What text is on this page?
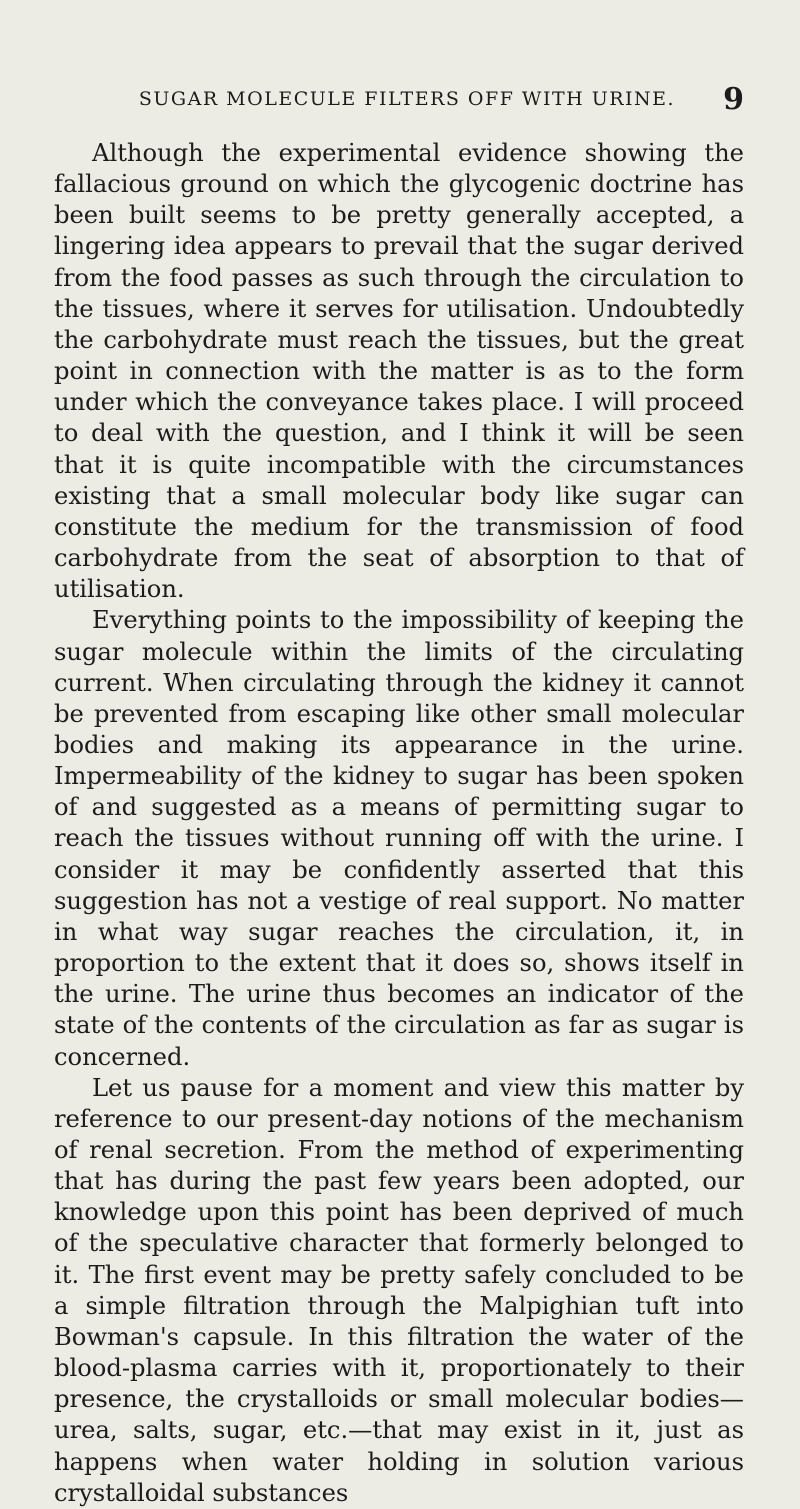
SUGAR MOLECULE FILTERS OFF WITH URINE.	9

Although the experimental evidence showing the fallacious ground on which the glycogenic doctrine has been built seems to be pretty generally accepted, a lingering idea appears to prevail that the sugar derived from the food passes as such through the circulation to the tissues, where it serves for utilisation. Undoubtedly the carbohydrate must reach the tissues, but the great point in connection with the matter is as to the form under which the conveyance takes place. I will proceed to deal with the question, and I think it will be seen that it is quite incompatible with the circumstances existing that a small molecular body like sugar can constitute the medium for the transmission of food carbohydrate from the seat of absorption to that of utilisation.

Everything points to the impossibility of keeping the sugar molecule within the limits of the circulating current. When circulating through the kidney it cannot be prevented from escaping like other small molecular bodies and making its appearance in the urine. Impermeability of the kidney to sugar has been spoken of and suggested as a means of permitting sugar to reach the tissues without running off with the urine. I consider it may be confidently asserted that this suggestion has not a vestige of real support. No matter in what way sugar reaches the circulation, it, in proportion to the extent that it does so, shows itself in the urine. The urine thus becomes an indicator of the state of the contents of the circulation as far as sugar is concerned.

Let us pause for a moment and view this matter by reference to our present-day notions of the mechanism of renal secretion. From the method of experimenting that has during the past few years been adopted, our knowledge upon this point has been deprived of much of the speculative character that formerly belonged to it. The first event may be pretty safely concluded to be a simple filtration through the Malpighian tuft into Bowman's capsule. In this filtration the water of the blood-plasma carries with it, proportionately to their presence, the crystalloids or small molecular bodies— urea, salts, sugar, etc.—that may exist in it, just as happens when water holding in solution various crystalloidal substances
